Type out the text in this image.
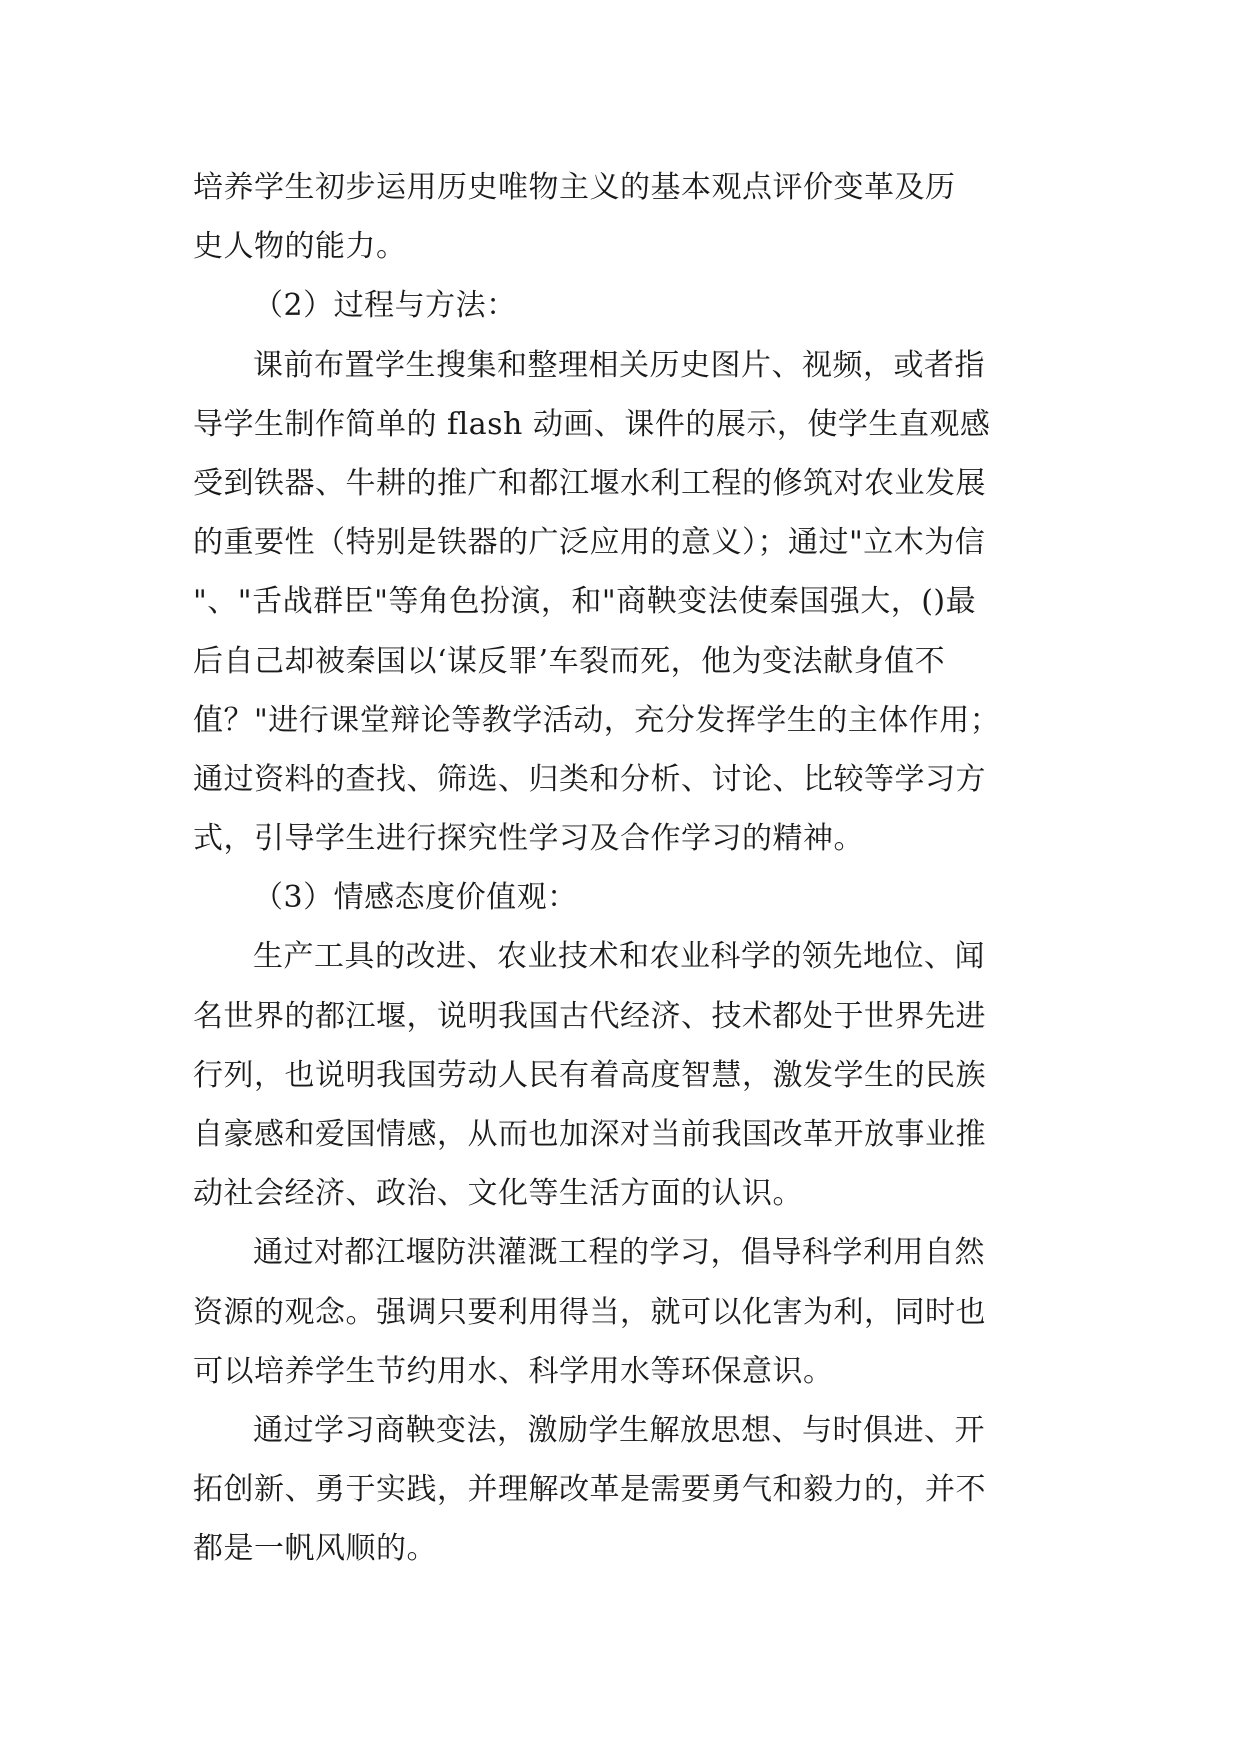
培养学生初步运用历史唯物主义的基本观点评价变革及历
史人物的能力。
（2）过程与方法：
课前布置学生搜集和整理相关历史图片、视频，或者指
导学生制作简单的 flash 动画、课件的展示，使学生直观感
受到铁器、牛耕的推广和都江堰水利工程的修筑对农业发展
的重要性（特别是铁器的广泛应用的意义）；通过"立木为信
"、"舌战群臣"等角色扮演，和"商鞅变法使秦国强大，()最
后自己却被秦国以‘谋反罪’车裂而死，他为变法献身值不
值？"进行课堂辩论等教学活动，充分发挥学生的主体作用；
通过资料的查找、筛选、归类和分析、讨论、比较等学习方
式，引导学生进行探究性学习及合作学习的精神。
（3）情感态度价值观：
生产工具的改进、农业技术和农业科学的领先地位、闻
名世界的都江堰，说明我国古代经济、技术都处于世界先进
行列，也说明我国劳动人民有着高度智慧，激发学生的民族
自豪感和爱国情感，从而也加深对当前我国改革开放事业推
动社会经济、政治、文化等生活方面的认识。
通过对都江堰防洪灌溉工程的学习，倡导科学利用自然
资源的观念。强调只要利用得当，就可以化害为利，同时也
可以培养学生节约用水、科学用水等环保意识。
通过学习商鞅变法，激励学生解放思想、与时俱进、开
拓创新、勇于实践，并理解改革是需要勇气和毅力的，并不
都是一帆风顺的。
